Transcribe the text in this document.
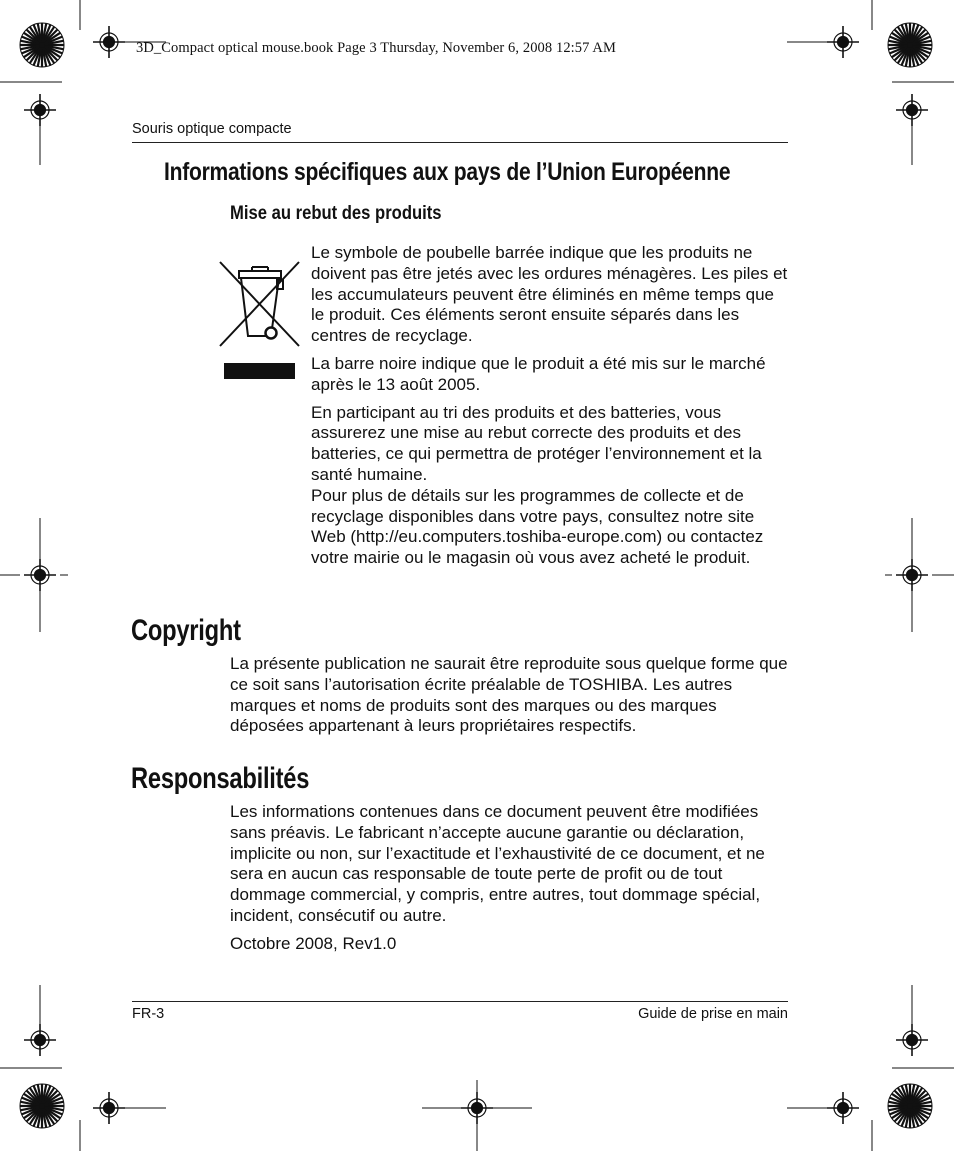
3D_Compact optical mouse.book Page 3 Thursday, November 6, 2008 12:57 AM
Souris optique compacte
Informations spécifiques aux pays de l’Union Européenne
Mise au rebut des produits

Le symbole de poubelle barrée indique que les produits ne doivent pas être jetés avec les ordures ménagères. Les piles et les accumulateurs peuvent être éliminés en même temps que le produit. Ces éléments seront ensuite séparés dans les centres de recyclage.

La barre noire indique que le produit a été mis sur le marché après le 13 août 2005.

En participant au tri des produits et des batteries, vous assurerez une mise au rebut correcte des produits et des batteries, ce qui permettra de protéger l’environnement et la santé humaine.

Pour plus de détails sur les programmes de collecte et de recyclage disponibles dans votre pays, consultez notre site Web (http://eu.computers.toshiba-europe.com) ou contactez votre mairie ou le magasin où vous avez acheté le produit.

Copyright

La présente publication ne saurait être reproduite sous quelque forme que ce soit sans l’autorisation écrite préalable de TOSHIBA. Les autres marques et noms de produits sont des marques ou des marques déposées appartenant à leurs propriétaires respectifs.

Responsabilités

Les informations contenues dans ce document peuvent être modifiées sans préavis. Le fabricant n’accepte aucune garantie ou déclaration, implicite ou non, sur l’exactitude et l’exhaustivité de ce document, et ne sera en aucun cas responsable de toute perte de profit ou de tout dommage commercial, y compris, entre autres, tout dommage spécial, incident, consécutif ou autre.

Octobre 2008, Rev1.0

FR-3	Guide de prise en main
